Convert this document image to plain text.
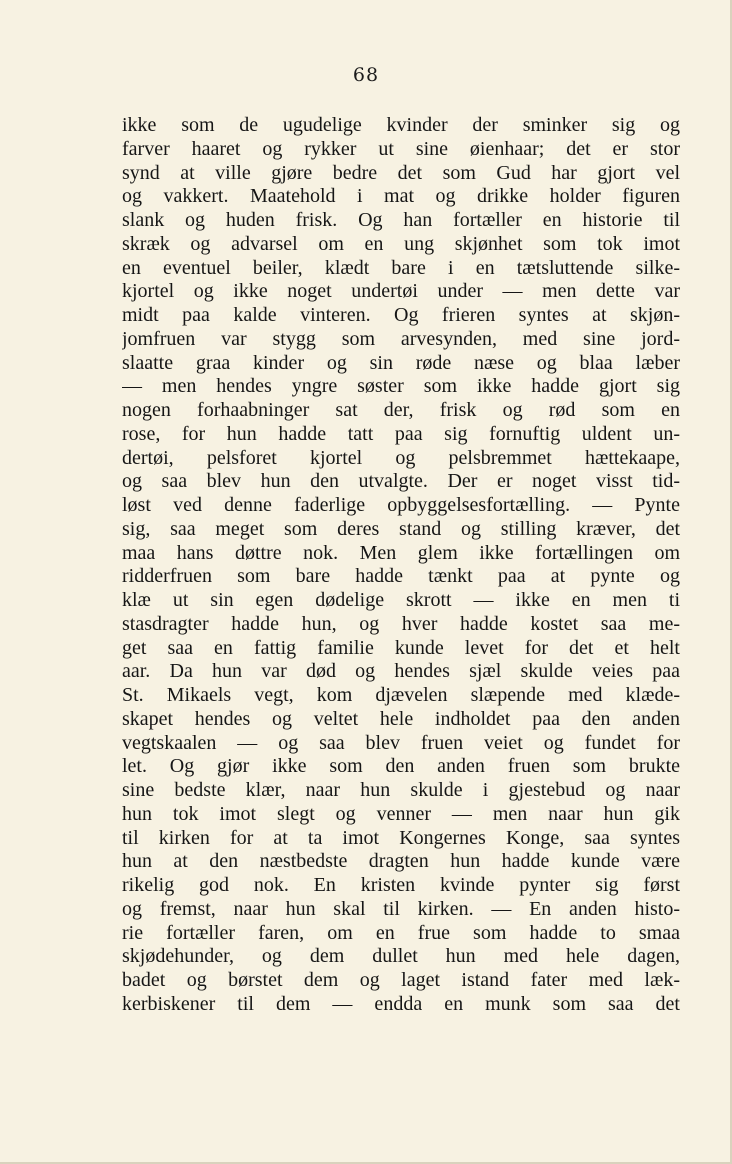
68
ikke som de ugudelige kvinder der sminker sig og
farver haaret og rykker ut sine øienhaar; det er stor
synd at ville gjøre bedre det som Gud har gjort vel
og vakkert. Maatehold i mat og drikke holder figuren
slank og huden frisk. Og han fortæller en historie til
skræk og advarsel om en ung skjønhet som tok imot
en eventuel beiler, klædt bare i en tætsluttende silke-
kjortel og ikke noget undertøi under — men dette var
midt paa kalde vinteren. Og frieren syntes at skjøn-
jomfruen var stygg som arvesynden, med sine jord-
slaatte graa kinder og sin røde næse og blaa læber
— men hendes yngre søster som ikke hadde gjort sig
nogen forhaabninger sat der, frisk og rød som en
rose, for hun hadde tatt paa sig fornuftig uldent un-
dertøi, pelsforet kjortel og pelsbremmet hættekaape,
og saa blev hun den utvalgte. Der er noget visst tid-
løst ved denne faderlige opbyggelsesfortælling. — Pynte
sig, saa meget som deres stand og stilling kræver, det
maa hans døttre nok. Men glem ikke fortællingen om
ridderfruen som bare hadde tænkt paa at pynte og
klæ ut sin egen dødelige skrott — ikke en men ti
stasdragter hadde hun, og hver hadde kostet saa me-
get saa en fattig familie kunde levet for det et helt
aar. Da hun var død og hendes sjæl skulde veies paa
St. Mikaels vegt, kom djævelen slæpende med klæde-
skapet hendes og veltet hele indholdet paa den anden
vegtskaalen — og saa blev fruen veiet og fundet for
let. Og gjør ikke som den anden fruen som brukte
sine bedste klær, naar hun skulde i gjestebud og naar
hun tok imot slegt og venner — men naar hun gik
til kirken for at ta imot Kongernes Konge, saa syntes
hun at den næstbedste dragten hun hadde kunde være
rikelig god nok. En kristen kvinde pynter sig først
og fremst, naar hun skal til kirken. — En anden histo-
rie fortæller faren, om en frue som hadde to smaa
skjødehunder, og dem dullet hun med hele dagen,
badet og børstet dem og laget istand fater med læk-
kerbiskener til dem — endda en munk som saa det
